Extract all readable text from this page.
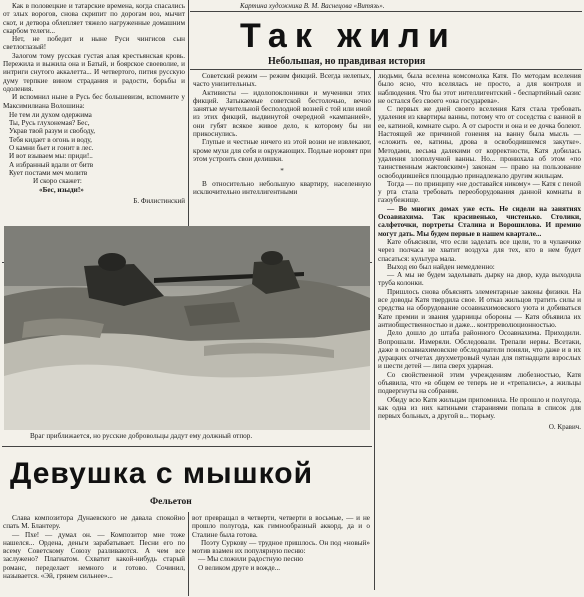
Как в половецкие и татарские времена, когда спасались от злых ворогов, снова скрипит по дорогам воз, мычит скот, и детвора облепляет тяжело нагруженные домашним скарбом телеги...

Нет, не победит и ныне Руси чингисов сын светлоглазый!

Залогом тому русская густая алая крестьянская кровь. Пережила и выжила она и Батый, и боярское своеволие, и интриги снутого аккалетта... И четвертого, пития русскую думу терпкие вином страдания и радости, борьбы и одоления.

И вспомнил ныне в Русь бес большевизм, вспомните у Максимилиана Волошина:

Не тем ли духом одержима

Ты, Русь глухонемая? Бес,

Украв твой разум и свободу,

Тебя кидает в огонь и воду,

О камни бьет и гонит в лес.

И вот взываем мы: приди!..

А избранный вдали от битв

Кует постами меч молитв

И скоро скажет:

«Бес, изыди!»

Б. Филистинский

Картина художника В. М. Васнецова «Витязь».

Так жили

Небольшая, но правдивая история

Советский режим — режим фикций. Всегда нелепых, часто унизительных.

Активисты — идолопоклонники и мученики этих фикций. Затыкаемые советской бестолочью, вечно занятые мучительной бесполодной возней с той или иной из этих фикций, выдвинутой очередной «кампанией», они губят всякое живое дело, к которому бы ни прикоснулись.

Глупые и честные ничего из этой возни не извлекают, кроме мухи для себя и окружающих. Подлые норовят при этом устроить свои делишки.

*

В относительно небольшую квартиру, населенную исключительно интеллигентными

людьми, была вселена комсомолка Катя. По методам вселения было ясно, что вселялась не просто, а для контроля и наблюдения. Что бы этот интеллигентский - беспартийный оазис не остался без своего «ока государева».

С первых же дней своего вселения Катя стала требовать удаления из квартиры ванны, потому что от соседства с ванной в ее, катиной, комнате сыро. А от сырости и она и ее дочка болеют. Настоящей же причиной гонения на ванну была мысль — «сложить ее, катины, дрова в освободившемся закутке». Методами, весьма далекими от корректности, Катя добилась удаления злополучной ванны. Но... пронюхала об этом «по таинственным жактовским») законам — право на пользование освободившейся площадью принадлежало другим жильцам.

Тогда — по принципу «не доставайся никому» — Катя с пеной у рта стала требовать переоборудования данной комнаты в газоубежище.

— Во многих домах уже есть. Не сидели на занятиях Осоавиахима. Так красивенько, чистенько. Столики, салфеточки, портреты Сталина и Ворошилова. И премию могут дать. Мы будем первые в нашем квартале...

Кате объясняли, что если заделать все щели, то в чуланчике через полчаса не хватит воздуха для тех, кто в нем будет спасаться: культура мала.

Выход ею был найден немедленно:

— А мы не будем заделывать дырку на двор, куда выходила труба колонки.

Пришлось снова объяснять элементарные законы физики. На все доводы Катя твердила свое. И отказ жильцов тратить силы и средства на оборудование осоавиахимовского уюта и добиваться Кате премии и звания ударницы обороны — Катя объявила их антиобщественностью и даже... контрреволюционностью.

Дело дошло до штаба районного Осоавиахима. Приходили. Вопрошали. Измеряли. Обследовали. Трепали нервы. Всетаки, даже в осоавиахимовские обследователи поняли, что даже и в их дурацких отчетах двухметровый чулан для пятнадцати взрослых и шести детей — липа сверх ударная.

Со свойственной этим учреждениям любезностью, Катя объявила, что «в общем ее теперь не и «трепались», а жильцы подвергнуты на собрании.

Обиду всю Катя жильцам припомнила. Не прошло и полугода, как одна из них катиными стараниями попала в список для первых больных, а другой в... тюрьму.

О. Кравич.

Враг приближается, но русские добровольцы дадут ему должный отпор.

Девушка с мышкой

Фельетон

Слава композитора Дунаевского не давала спокойно спать М. Блантеру.

— Пхе! — думал он. — Композитор мне тоже нашелся... Ордена, деньги зарабатывает. Песни его по всему Советскому Союзу разливаются. А чем все заслужено? Плагиатом. Схватит какой-нибудь старый романс, переделает немного и готово. Сочинил, называется. «Эй, грянем сильнее»...

вот превращал в четверти, четверти в восьмые, — и не прошло полугода, как гимнообразный аккорд, да и о Сталине была готова.

Поэту Суркову — трудное пришлось. Он под «новый» мотив взамен их популярную песню:

— Мы сложили радостную песню

О великом друге и вожде...
